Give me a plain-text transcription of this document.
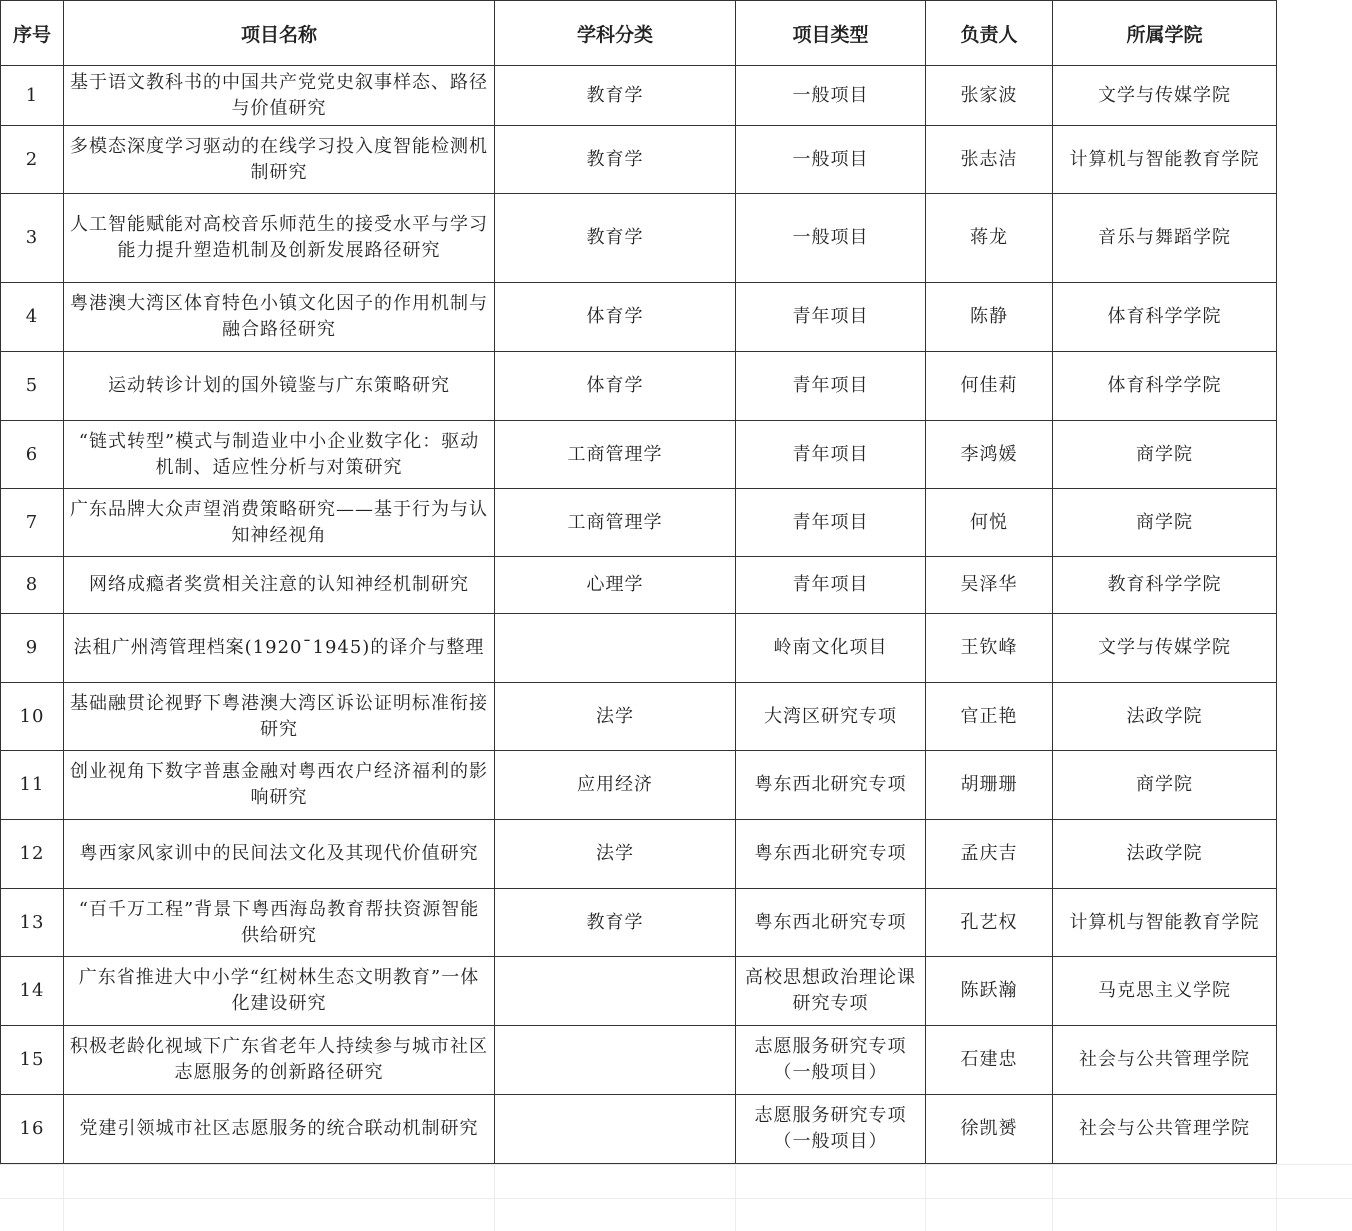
序号	项目名称	学科分类	项目类型	负责人	所属学院
1	基于语文教科书的中国共产党党史叙事样态、路径与价值研究	教育学	一般项目	张家波	文学与传媒学院
2	多模态深度学习驱动的在线学习投入度智能检测机制研究	教育学	一般项目	张志洁	计算机与智能教育学院
3	人工智能赋能对高校音乐师范生的接受水平与学习能力提升塑造机制及创新发展路径研究	教育学	一般项目	蒋龙	音乐与舞蹈学院
4	粤港澳大湾区体育特色小镇文化因子的作用机制与融合路径研究	体育学	青年项目	陈静	体育科学学院
5	运动转诊计划的国外镜鉴与广东策略研究	体育学	青年项目	何佳莉	体育科学学院
6	“链式转型”模式与制造业中小企业数字化：驱动机制、适应性分析与对策研究	工商管理学	青年项目	李鸿媛	商学院
7	广东品牌大众声望消费策略研究——基于行为与认知神经视角	工商管理学	青年项目	何悦	商学院
8	网络成瘾者奖赏相关注意的认知神经机制研究	心理学	青年项目	吴泽华	教育科学学院
9	法租广州湾管理档案(1920¯1945)的译介与整理		岭南文化项目	王钦峰	文学与传媒学院
10	基础融贯论视野下粤港澳大湾区诉讼证明标准衔接研究	法学	大湾区研究专项	官正艳	法政学院
11	创业视角下数字普惠金融对粤西农户经济福利的影响研究	应用经济	粤东西北研究专项	胡珊珊	商学院
12	粤西家风家训中的民间法文化及其现代价值研究	法学	粤东西北研究专项	孟庆吉	法政学院
13	“百千万工程”背景下粤西海岛教育帮扶资源智能供给研究	教育学	粤东西北研究专项	孔艺权	计算机与智能教育学院
14	广东省推进大中小学“红树林生态文明教育”一体化建设研究		高校思想政治理论课研究专项	陈跃瀚	马克思主义学院
15	积极老龄化视域下广东省老年人持续参与城市社区志愿服务的创新路径研究		志愿服务研究专项（一般项目）	石建忠	社会与公共管理学院
16	党建引领城市社区志愿服务的统合联动机制研究		志愿服务研究专项（一般项目）	徐凯赟	社会与公共管理学院
